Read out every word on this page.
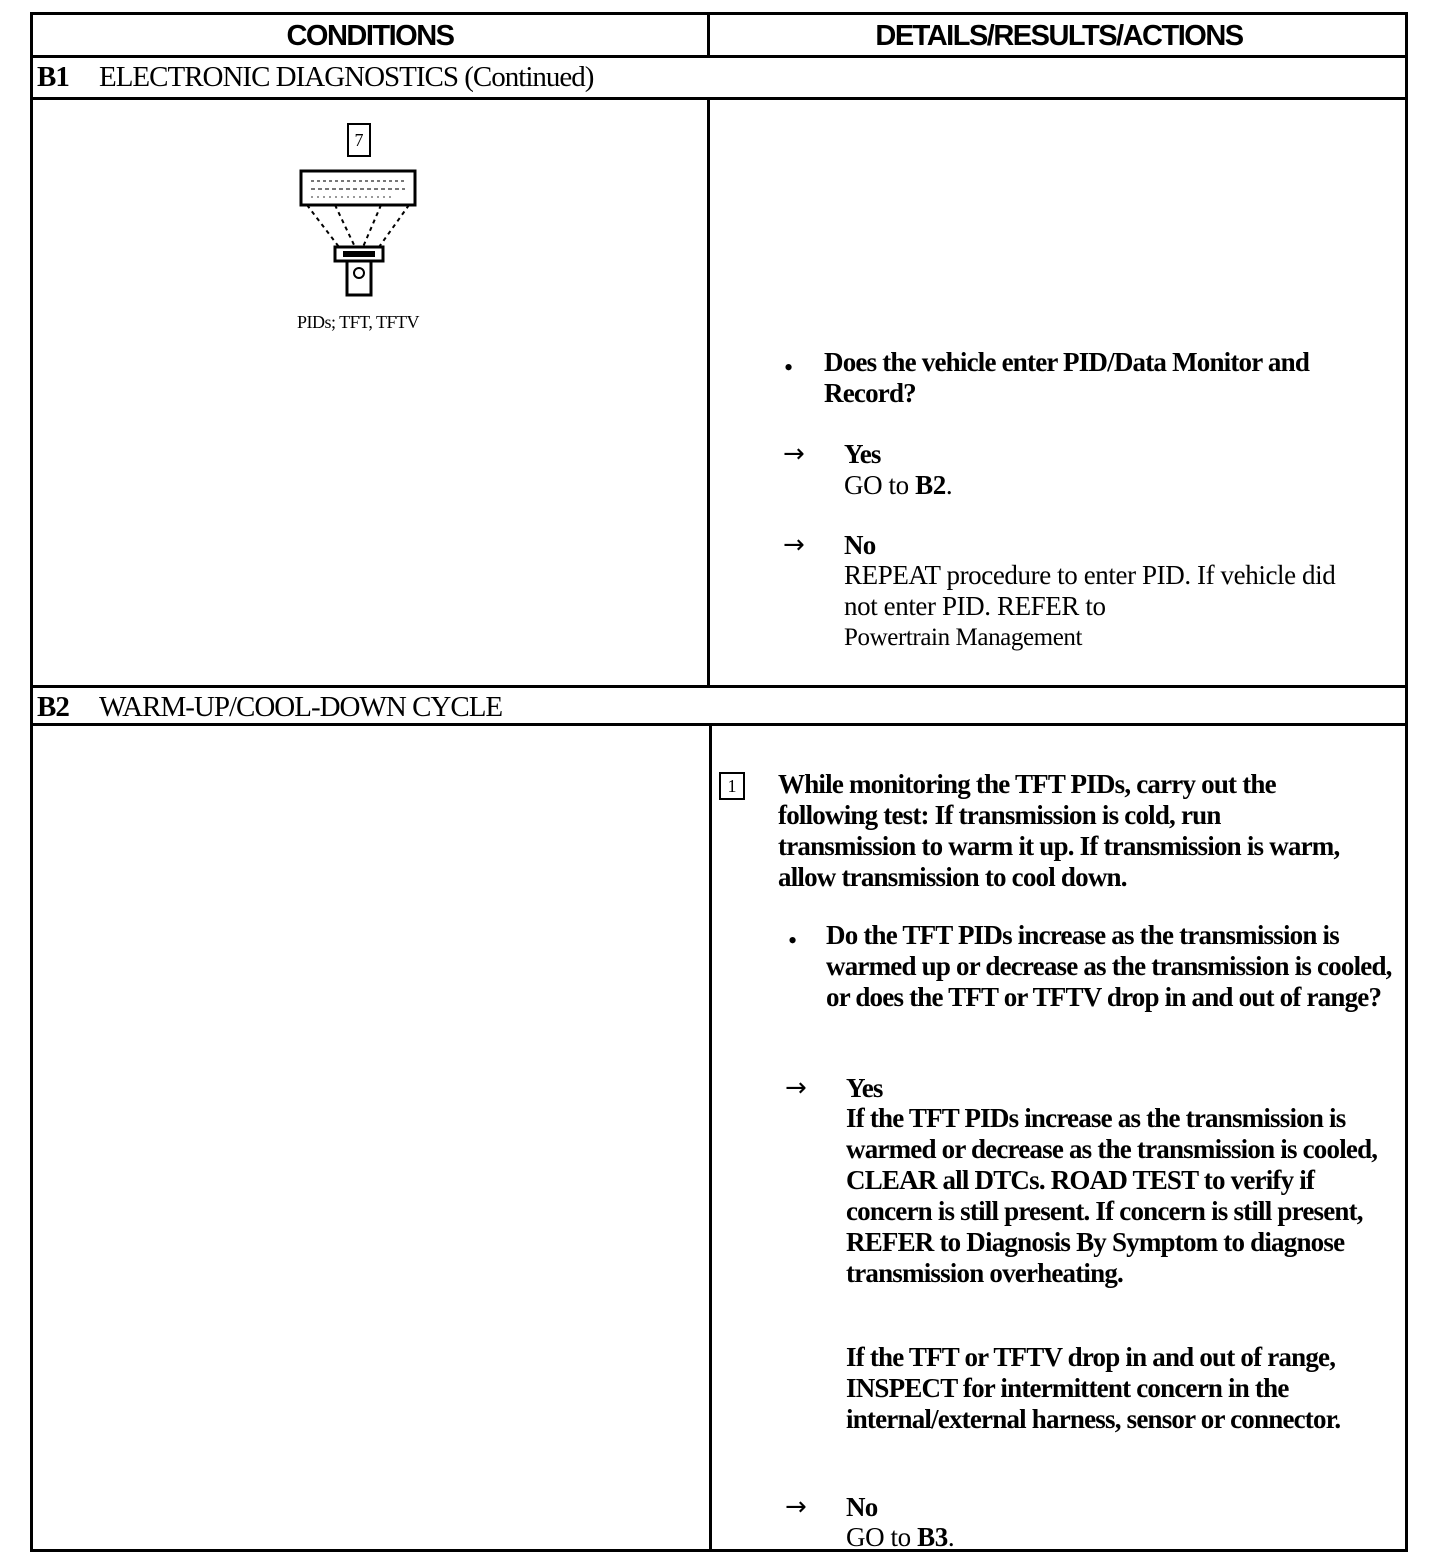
CONDITIONS	DETAILS/RESULTS/ACTIONS
B1 ELECTRONIC DIAGNOSTICS (Continued)
7
PIDs; TFT, TFTV
• Does the vehicle enter PID/Data Monitor and Record?
→ Yes
GO to B2.
→ No
REPEAT procedure to enter PID. If vehicle did not enter PID. REFER to
Powertrain Management
B2 WARM-UP/COOL-DOWN CYCLE
1	While monitoring the TFT PIDs, carry out the following test: If transmission is cold, run transmission to warm it up. If transmission is warm, allow transmission to cool down.
• Do the TFT PIDs increase as the transmission is warmed up or decrease as the transmission is cooled, or does the TFT or TFTV drop in and out of range?
→ Yes
If the TFT PIDs increase as the transmission is warmed or decrease as the transmission is cooled, CLEAR all DTCs. ROAD TEST to verify if concern is still present. If concern is still present, REFER to Diagnosis By Symptom to diagnose transmission overheating.
If the TFT or TFTV drop in and out of range, INSPECT for intermittent concern in the internal/external harness, sensor or connector.
→ No
GO to B3.
